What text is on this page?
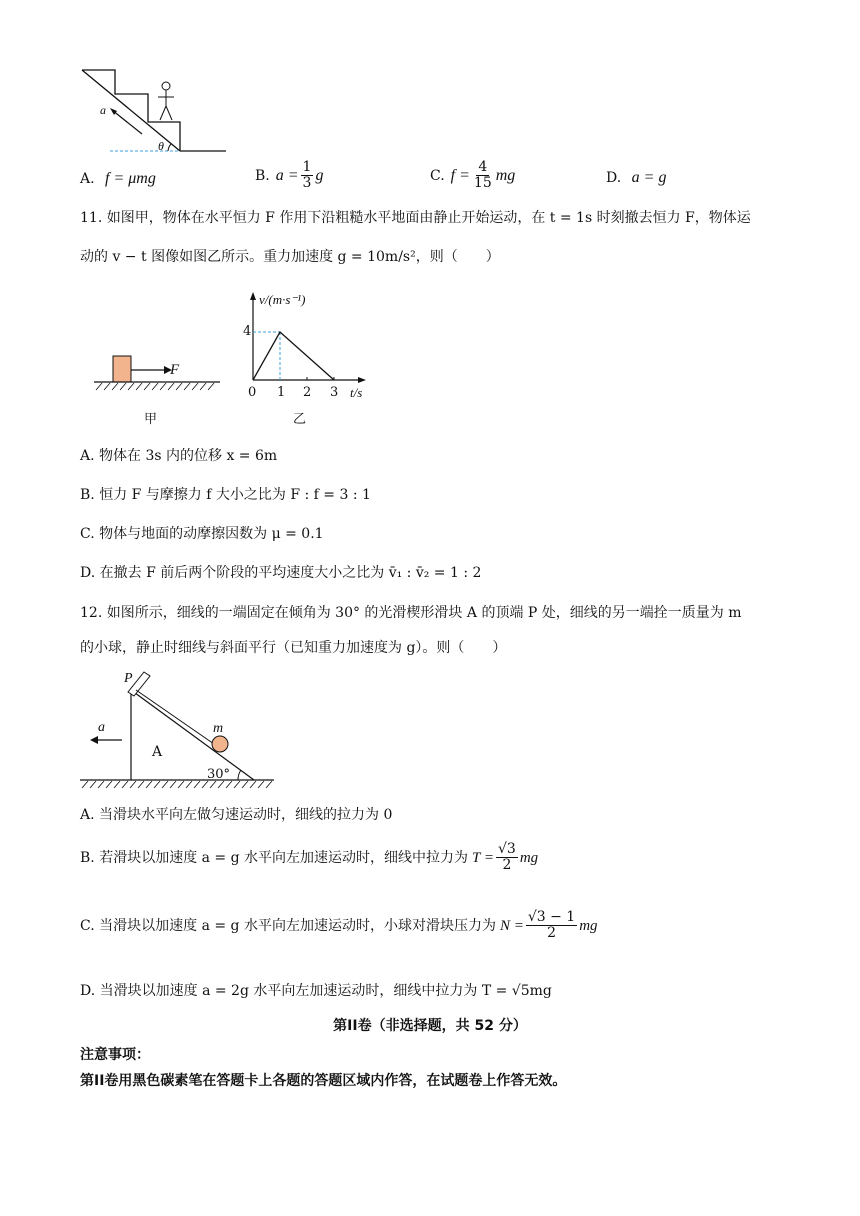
a
θ
A. f = μmg	B. $a = \frac{1}{3}$ g	C. $f = \frac{4}{15}$ mg	D. a = g
11. 如图甲，物体在水平恒力 F 作用下沿粗糙水平地面由静止开始运动，在 t = 1s 时刻撤去恒力 F，物体运
动的 v − t 图像如图乙所示。重力加速度 g = 10m/s²，则（　　）
F
甲
v/(m·s⁻¹)
4
0 1 2 3 t/s
乙
A. 物体在 3s 内的位移 x = 6m
B. 恒力 F 与摩擦力 f 大小之比为 F : f = 3 : 1
C. 物体与地面的动摩擦因数为 μ = 0.1
D. 在撤去 F 前后两个阶段的平均速度大小之比为 v̄₁ : v̄₂ = 1 : 2
12. 如图所示，细线的一端固定在倾角为 30° 的光滑楔形滑块 A 的顶端 P 处，细线的另一端拴一质量为 m
的小球，静止时细线与斜面平行（已知重力加速度为 g）。则（　　）
P
m
A
a
30°
A. 当滑块水平向左做匀速运动时，细线的拉力为 0
B. 若滑块以加速度 a = g 水平向左加速运动时，细线中拉力为 $T = \frac{√3}{2}$ mg
C. 当滑块以加速度 a = g 水平向左加速运动时，小球对滑块压力为 $N = \frac{√3 - 1}{2}$ mg
D. 当滑块以加速度 a = 2g 水平向左加速运动时，细线中拉力为 T = √5mg
第II卷（非选择题，共 52 分）
注意事项：
第II卷用黑色碳素笔在答题卡上各题的答题区域内作答，在试题卷上作答无效。
